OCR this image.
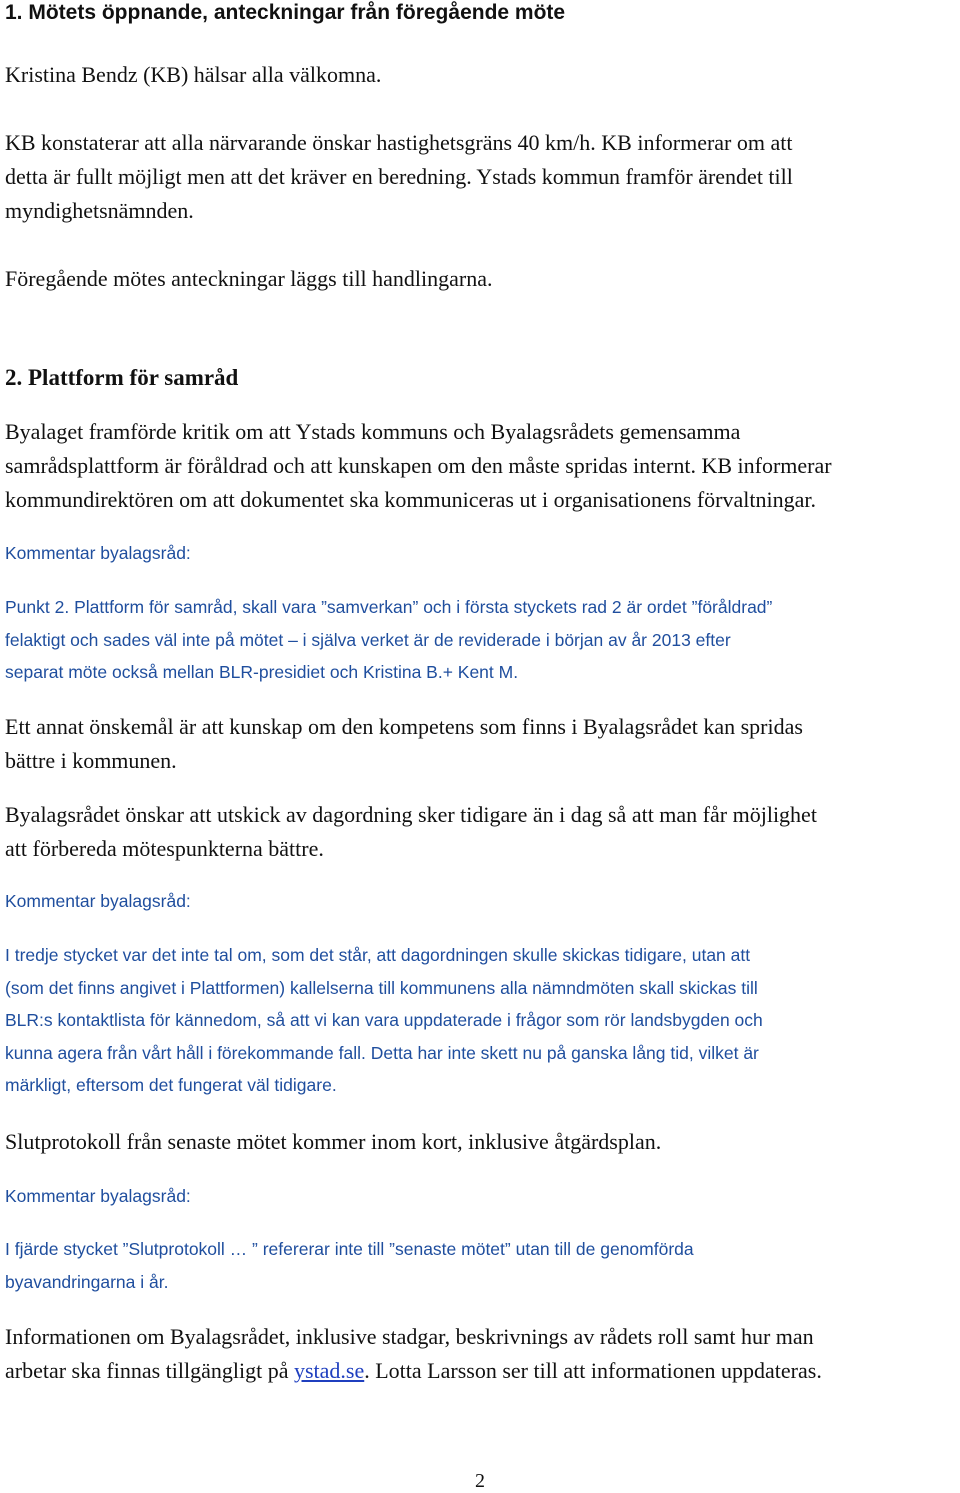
1. Mötets öppnande, anteckningar från föregående möte
Kristina Bendz (KB) hälsar alla välkomna.
KB konstaterar att alla närvarande önskar hastighetsgräns 40 km/h. KB informerar om att
detta är fullt möjligt men att det kräver en beredning. Ystads kommun framför ärendet till
myndighetsnämnden.
Föregående mötes anteckningar läggs till handlingarna.
2. Plattform för samråd
Byalaget framförde kritik om att Ystads kommuns och Byalagsrådets gemensamma
samrådsplattform är föråldrad och att kunskapen om den måste spridas internt. KB informerar
kommundirektören om att dokumentet ska kommuniceras ut i organisationens förvaltningar.
Kommentar byalagsråd:
Punkt 2. Plattform för samråd, skall vara ”samverkan” och i första styckets rad 2 är ordet ”föråldrad”
felaktigt och sades väl inte på mötet – i själva verket är de reviderade i början av år 2013 efter
separat möte också mellan BLR-presidiet och Kristina B.+ Kent M.
Ett annat önskemål är att kunskap om den kompetens som finns i Byalagsrådet kan spridas
bättre i kommunen.
Byalagsrådet önskar att utskick av dagordning sker tidigare än i dag så att man får möjlighet
att förbereda mötespunkterna bättre.
Kommentar byalagsråd:
I tredje stycket var det inte tal om, som det står, att dagordningen skulle skickas tidigare, utan att
(som det finns angivet i Plattformen) kallelserna till kommunens alla nämndmöten skall skickas till
BLR:s kontaktlista för kännedom, så att vi kan vara uppdaterade i frågor som rör landsbygden och
kunna agera från vårt håll i förekommande fall. Detta har inte skett nu på ganska lång tid, vilket är
märkligt, eftersom det fungerat väl tidigare.
Slutprotokoll från senaste mötet kommer inom kort, inklusive åtgärdsplan.
Kommentar byalagsråd:
I fjärde stycket ”Slutprotokoll … ” refererar inte till ”senaste mötet” utan till de genomförda
byavandringarna i år.
Informationen om Byalagsrådet, inklusive stadgar, beskrivnings av rådets roll samt hur man
arbetar ska finnas tillgängligt på ystad.se. Lotta Larsson ser till att informationen uppdateras.
2
